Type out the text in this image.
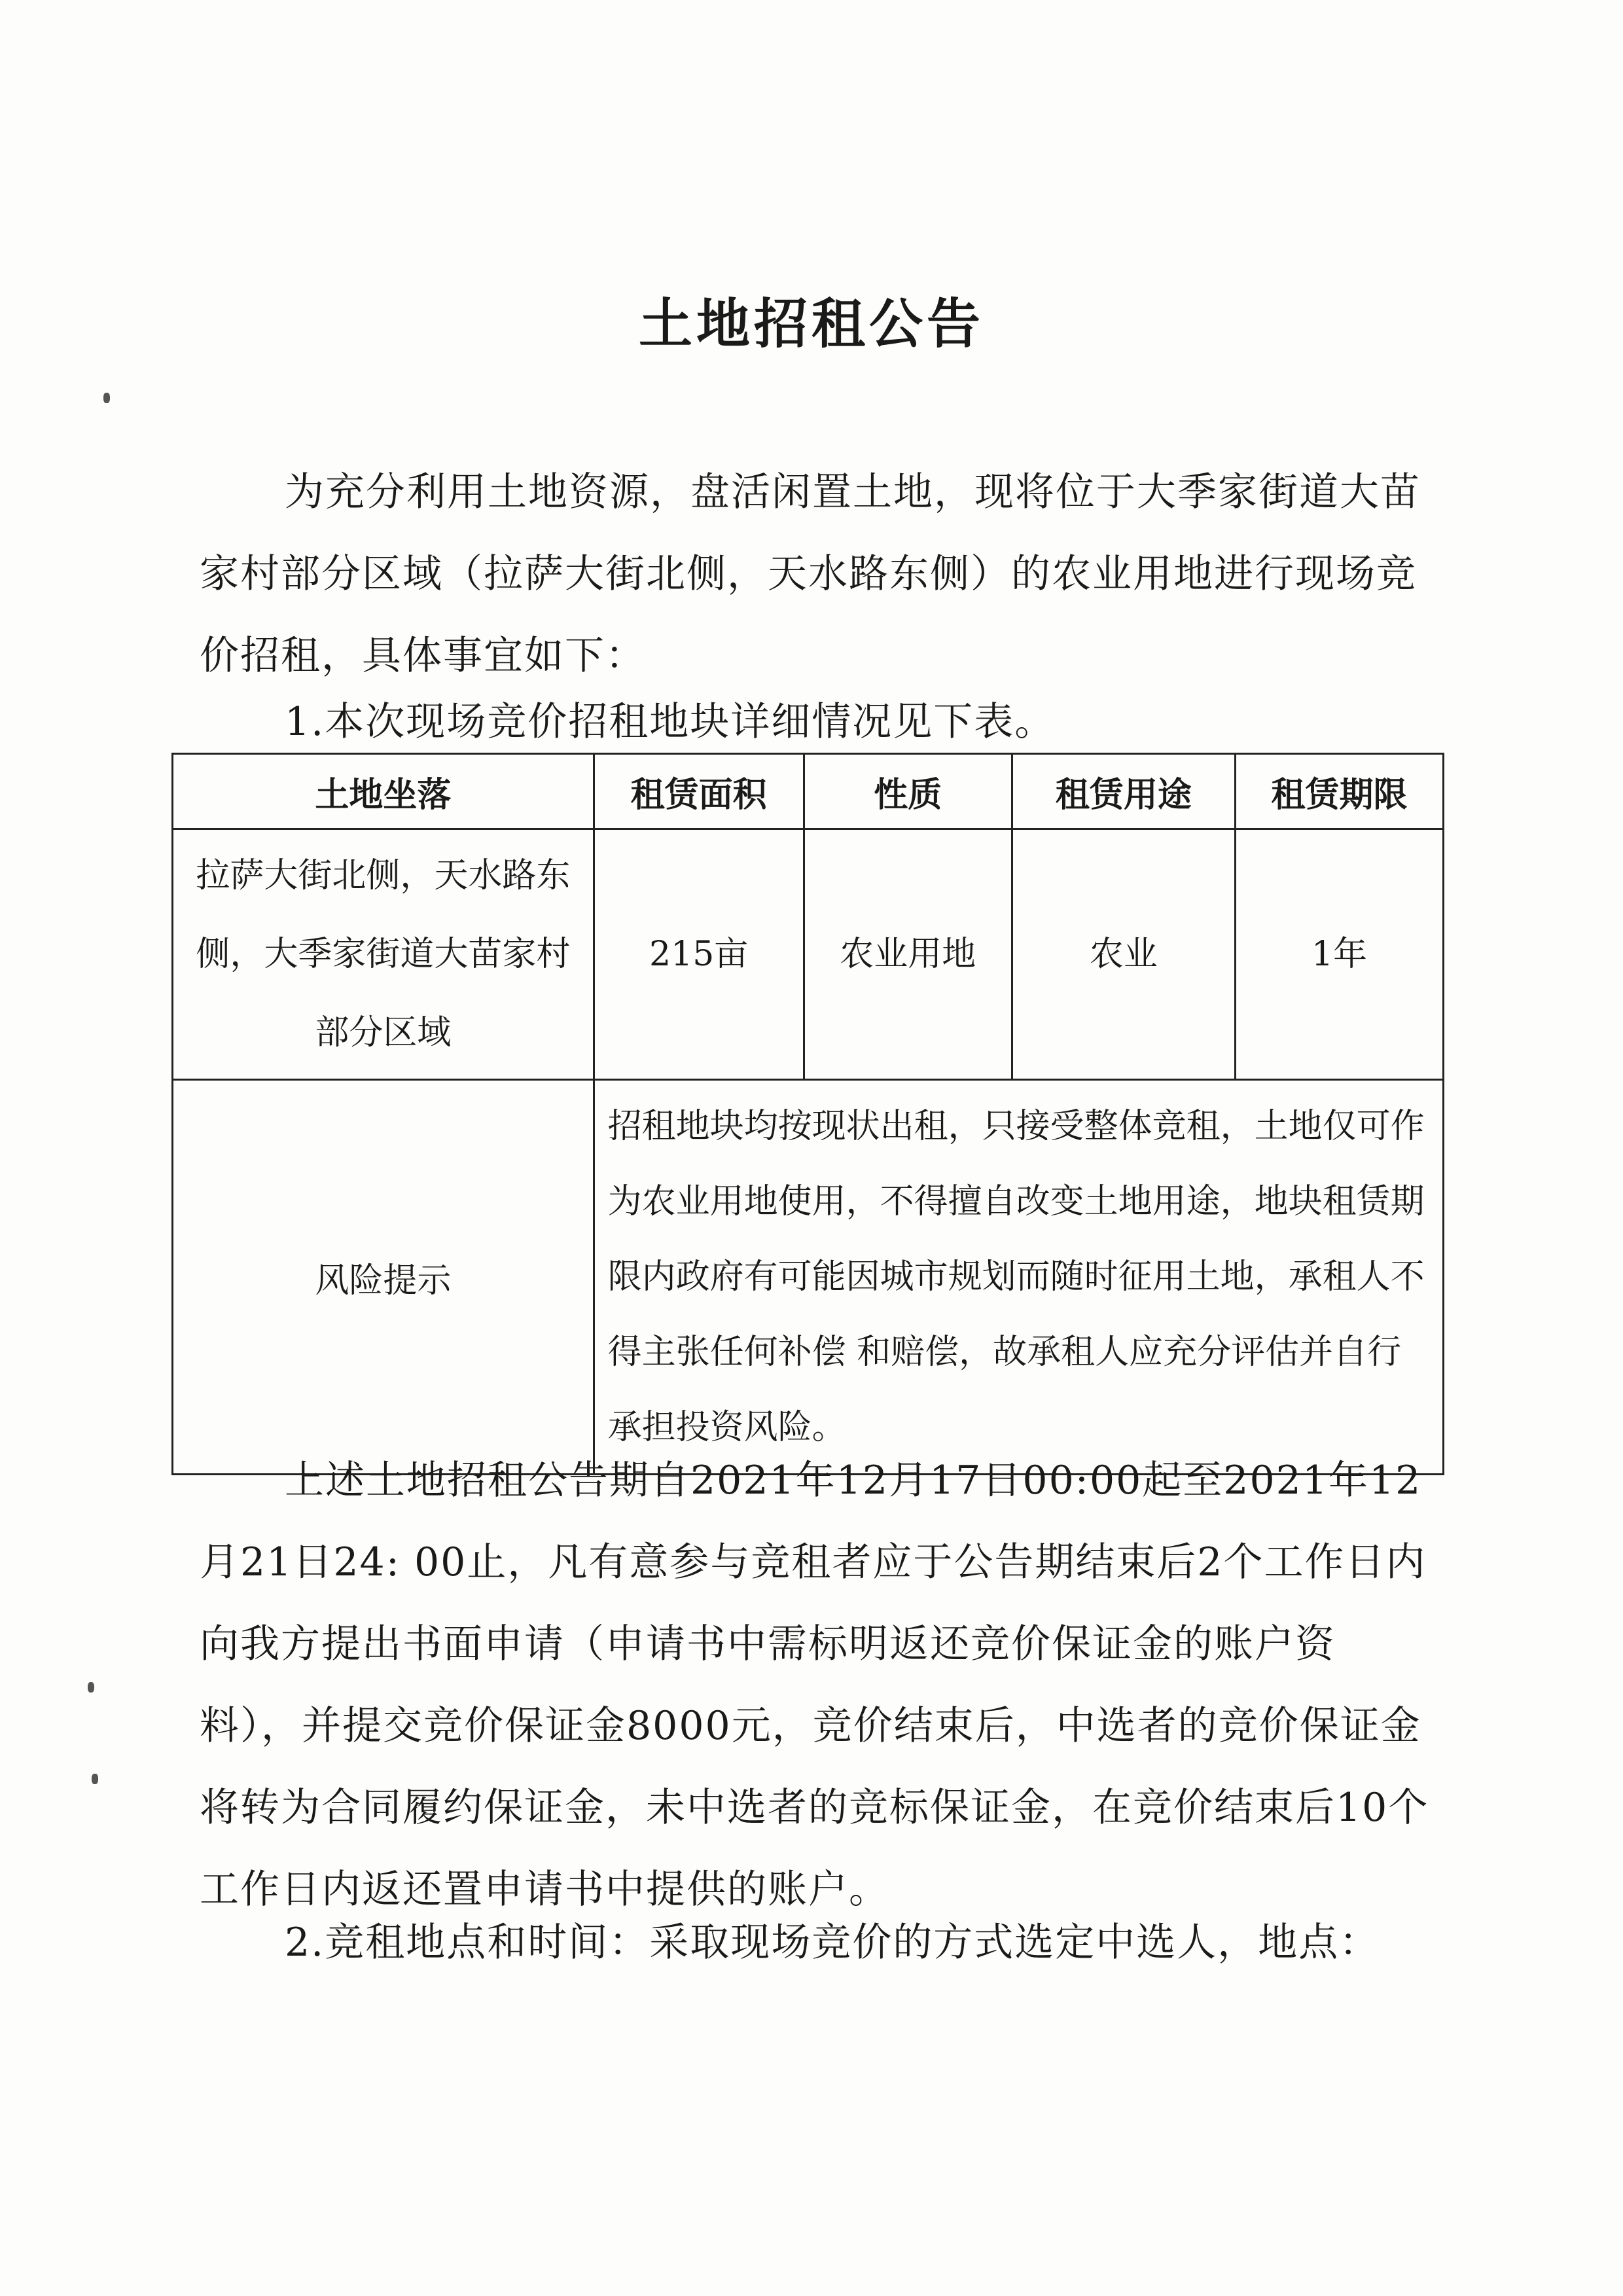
土地招租公告
为充分利用土地资源，盘活闲置土地，现将位于大季家街道大苗家村部分区域（拉萨大街北侧，天水路东侧）的农业用地进行现场竞价招租，具体事宜如下：
1.本次现场竞价招租地块详细情况见下表。
土地坐落	租赁面积	性质	租赁用途	租赁期限
拉萨大街北侧，天水路东侧，大季家街道大苗家村部分区域	215亩	农业用地	农业	1年
风险提示	招租地块均按现状出租，只接受整体竞租，土地仅可作为农业用地使用，不得擅自改变土地用途，地块租赁期限内政府有可能因城市规划而随时征用土地，承租人不得主张任何补偿 和赔偿，故承租人应充分评估并自行承担投资风险。			
上述土地招租公告期自2021年12月17日00:00起至2021年12月21日24: 00止，凡有意参与竞租者应于公告期结束后2个工作日内向我方提出书面申请（申请书中需标明返还竞价保证金的账户资料），并提交竞价保证金8000元，竞价结束后，中选者的竞价保证金将转为合同履约保证金，未中选者的竞标保证金，在竞价结束后10个工作日内返还置申请书中提供的账户。
2.竞租地点和时间：采取现场竞价的方式选定中选人，地点：
